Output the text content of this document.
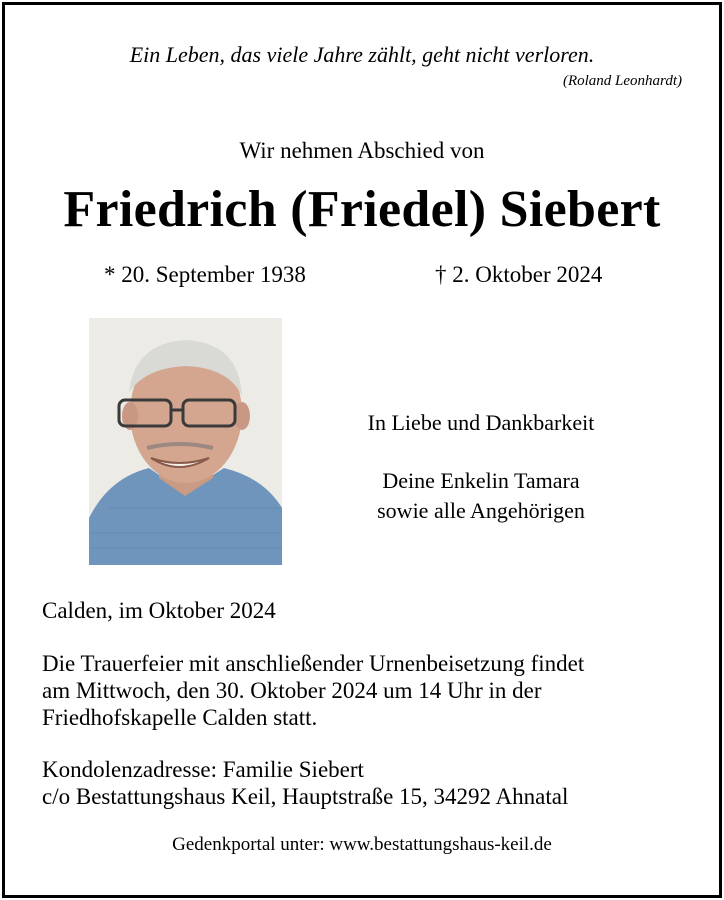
Ein Leben, das viele Jahre zählt, geht nicht verloren.
(Roland Leonhardt)
Wir nehmen Abschied von
Friedrich (Friedel) Siebert
* 20. September 1938	† 2. Oktober 2024
In Liebe und Dankbarkeit
Deine Enkelin Tamara
sowie alle Angehörigen
Calden, im Oktober 2024
Die Trauerfeier mit anschließender Urnenbeisetzung findet
am Mittwoch, den 30. Oktober 2024 um 14 Uhr in der
Friedhofskapelle Calden statt.
Kondolenzadresse: Familie Siebert
c/o Bestattungshaus Keil, Hauptstraße 15, 34292 Ahnatal
Gedenkportal unter: www.bestattungshaus-keil.de
